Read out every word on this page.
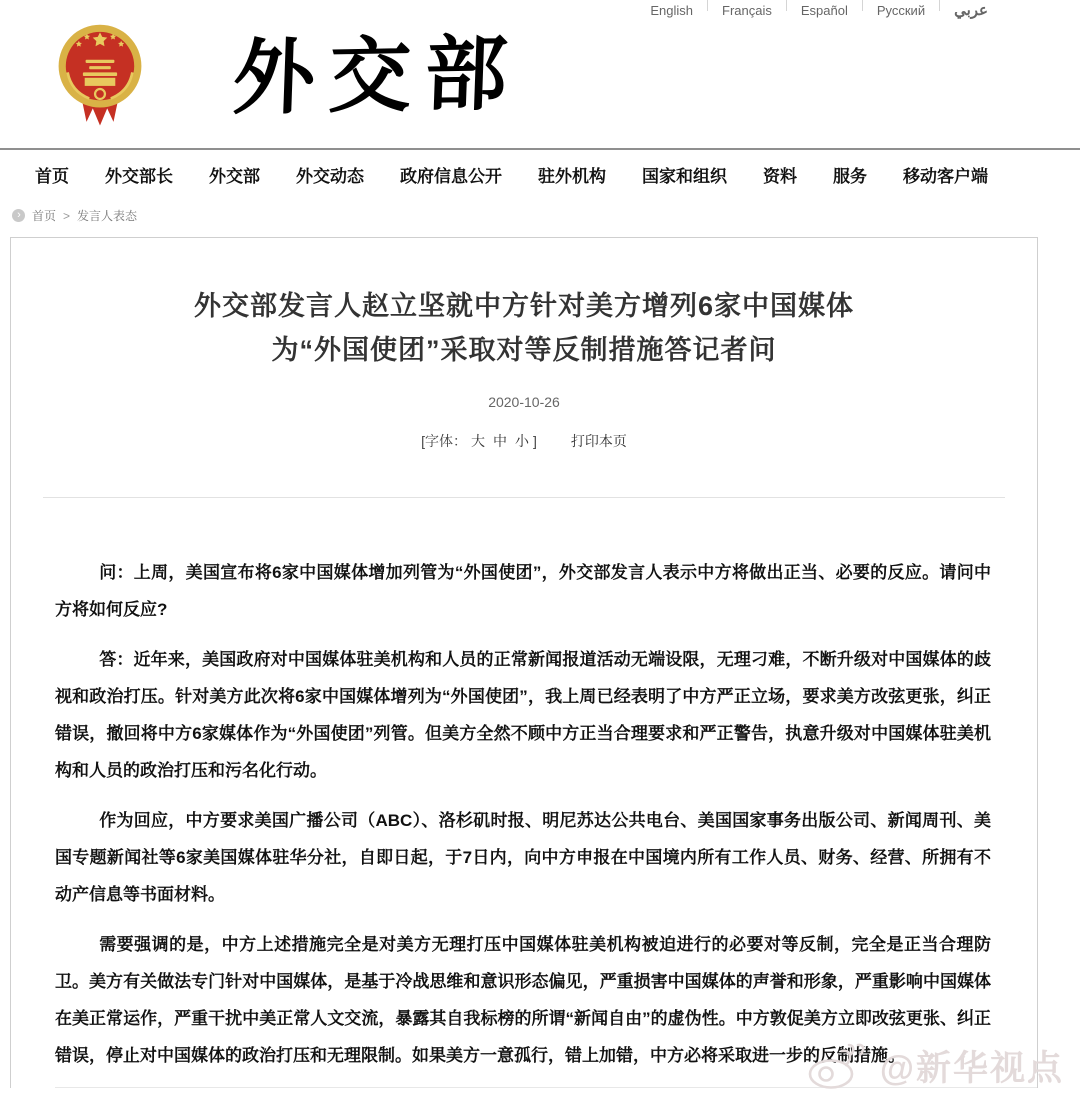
English	Français	Español	Русский	عربي
外交部
首页 外交部长 外交部 外交动态 政府信息公开 驻外机构 国家和组织 资料 服务 移动客户端
› 首页 > 发言人表态
外交部发言人赵立坚就中方针对美方增列6家中国媒体
为“外国使团”采取对等反制措施答记者问
2020-10-26
[字体： 大 中 小 ] 打印本页
问：上周，美国宣布将6家中国媒体增加列管为“外国使团”，外交部发言人表示中方将做出正当、必要的反应。请问中方将如何反应?
答：近年来，美国政府对中国媒体驻美机构和人员的正常新闻报道活动无端设限，无理刁难，不断升级对中国媒体的歧视和政治打压。针对美方此次将6家中国媒体增列为“外国使团”，我上周已经表明了中方严正立场，要求美方改弦更张，纠正错误，撤回将中方6家媒体作为“外国使团”列管。但美方全然不顾中方正当合理要求和严正警告，执意升级对中国媒体驻美机构和人员的政治打压和污名化行动。
作为回应，中方要求美国广播公司（ABC）、洛杉矶时报、明尼苏达公共电台、美国国家事务出版公司、新闻周刊、美国专题新闻社等6家美国媒体驻华分社，自即日起，于7日内，向中方申报在中国境内所有工作人员、财务、经营、所拥有不动产信息等书面材料。
需要强调的是，中方上述措施完全是对美方无理打压中国媒体驻美机构被迫进行的必要对等反制，完全是正当合理防卫。美方有关做法专门针对中国媒体，是基于冷战思维和意识形态偏见，严重损害中国媒体的声誉和形象，严重影响中国媒体在美正常运作，严重干扰中美正常人文交流，暴露其自我标榜的所谓“新闻自由”的虚伪性。中方敦促美方立即改弦更张、纠正错误，停止对中国媒体的政治打压和无理限制。如果美方一意孤行，错上加错，中方必将采取进一步的反制措施。
@新华视点
